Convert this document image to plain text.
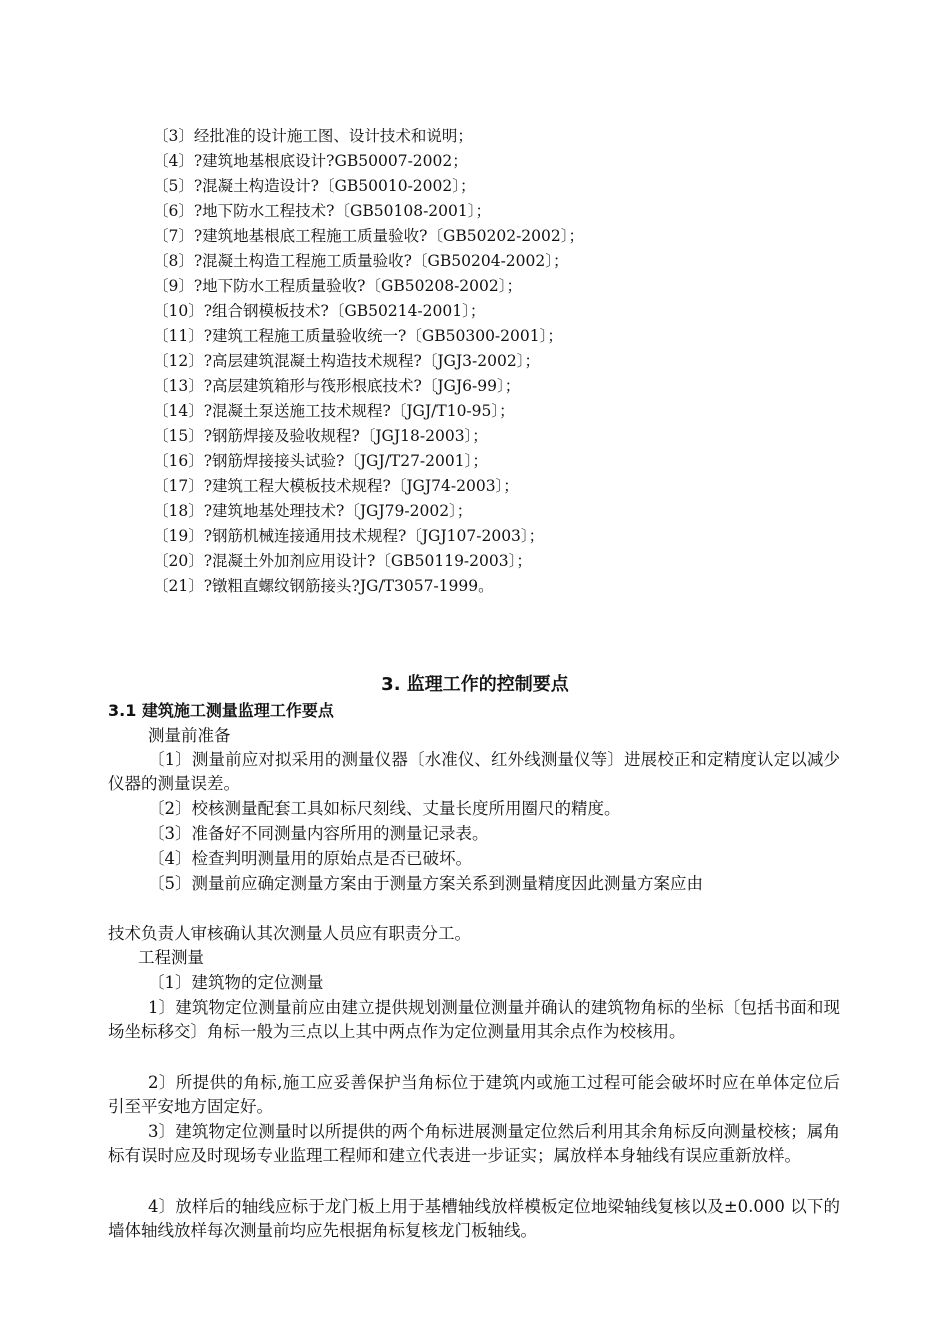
〔3〕经批准的设计施工图、设计技术和说明；
〔4〕?建筑地基根底设计?GB50007-2002；
〔5〕?混凝土构造设计?〔GB50010-2002〕；
〔6〕?地下防水工程技术?〔GB50108-2001〕；
〔7〕?建筑地基根底工程施工质量验收?〔GB50202-2002〕；
〔8〕?混凝土构造工程施工质量验收?〔GB50204-2002〕；
〔9〕?地下防水工程质量验收?〔GB50208-2002〕；
〔10〕?组合钢模板技术?〔GB50214-2001〕；
〔11〕?建筑工程施工质量验收统一?〔GB50300-2001〕；
〔12〕?高层建筑混凝土构造技术规程?〔JGJ3-2002〕；
〔13〕?高层建筑箱形与筏形根底技术?〔JGJ6-99〕；
〔14〕?混凝土泵送施工技术规程?〔JGJ/T10-95〕；
〔15〕?钢筋焊接及验收规程?〔JGJ18-2003〕；
〔16〕?钢筋焊接接头试验?〔JGJ/T27-2001〕；
〔17〕?建筑工程大模板技术规程?〔JGJ74-2003〕；
〔18〕?建筑地基处理技术?〔JGJ79-2002〕；
〔19〕?钢筋机械连接通用技术规程?〔JGJ107-2003〕；
〔20〕?混凝土外加剂应用设计?〔GB50119-2003〕；
〔21〕?镦粗直螺纹钢筋接头?JG/T3057-1999。
3. 监理工作的控制要点
3.1 建筑施工测量监理工作要点

测量前准备

〔1〕测量前应对拟采用的测量仪器〔水准仪、红外线测量仪等〕进展校正和定精度认定以减少仪器的测量误差。

〔2〕校核测量配套工具如标尺刻线、丈量长度所用圈尺的精度。

〔3〕准备好不同测量内容所用的测量记录表。

〔4〕检查判明测量用的原始点是否已破坏。

〔5〕测量前应确定测量方案由于测量方案关系到测量精度因此测量方案应由

技术负责人审核确认其次测量人员应有职责分工。

工程测量

〔1〕建筑物的定位测量

1〕建筑物定位测量前应由建立提供规划测量位测量并确认的建筑物角标的坐标〔包括书面和现场坐标移交〕角标一般为三点以上其中两点作为定位测量用其余点作为校核用。

2〕所提供的角标,施工应妥善保护当角标位于建筑内或施工过程可能会破坏时应在单体定位后引至平安地方固定好。

3〕建筑物定位测量时以所提供的两个角标进展测量定位然后利用其余角标反向测量校核；属角标有误时应及时现场专业监理工程师和建立代表进一步证实；属放样本身轴线有误应重新放样。

4〕放样后的轴线应标于龙门板上用于基槽轴线放样模板定位地梁轴线复核以及±0.000 以下的墙体轴线放样每次测量前均应先根据角标复核龙门板轴线。
